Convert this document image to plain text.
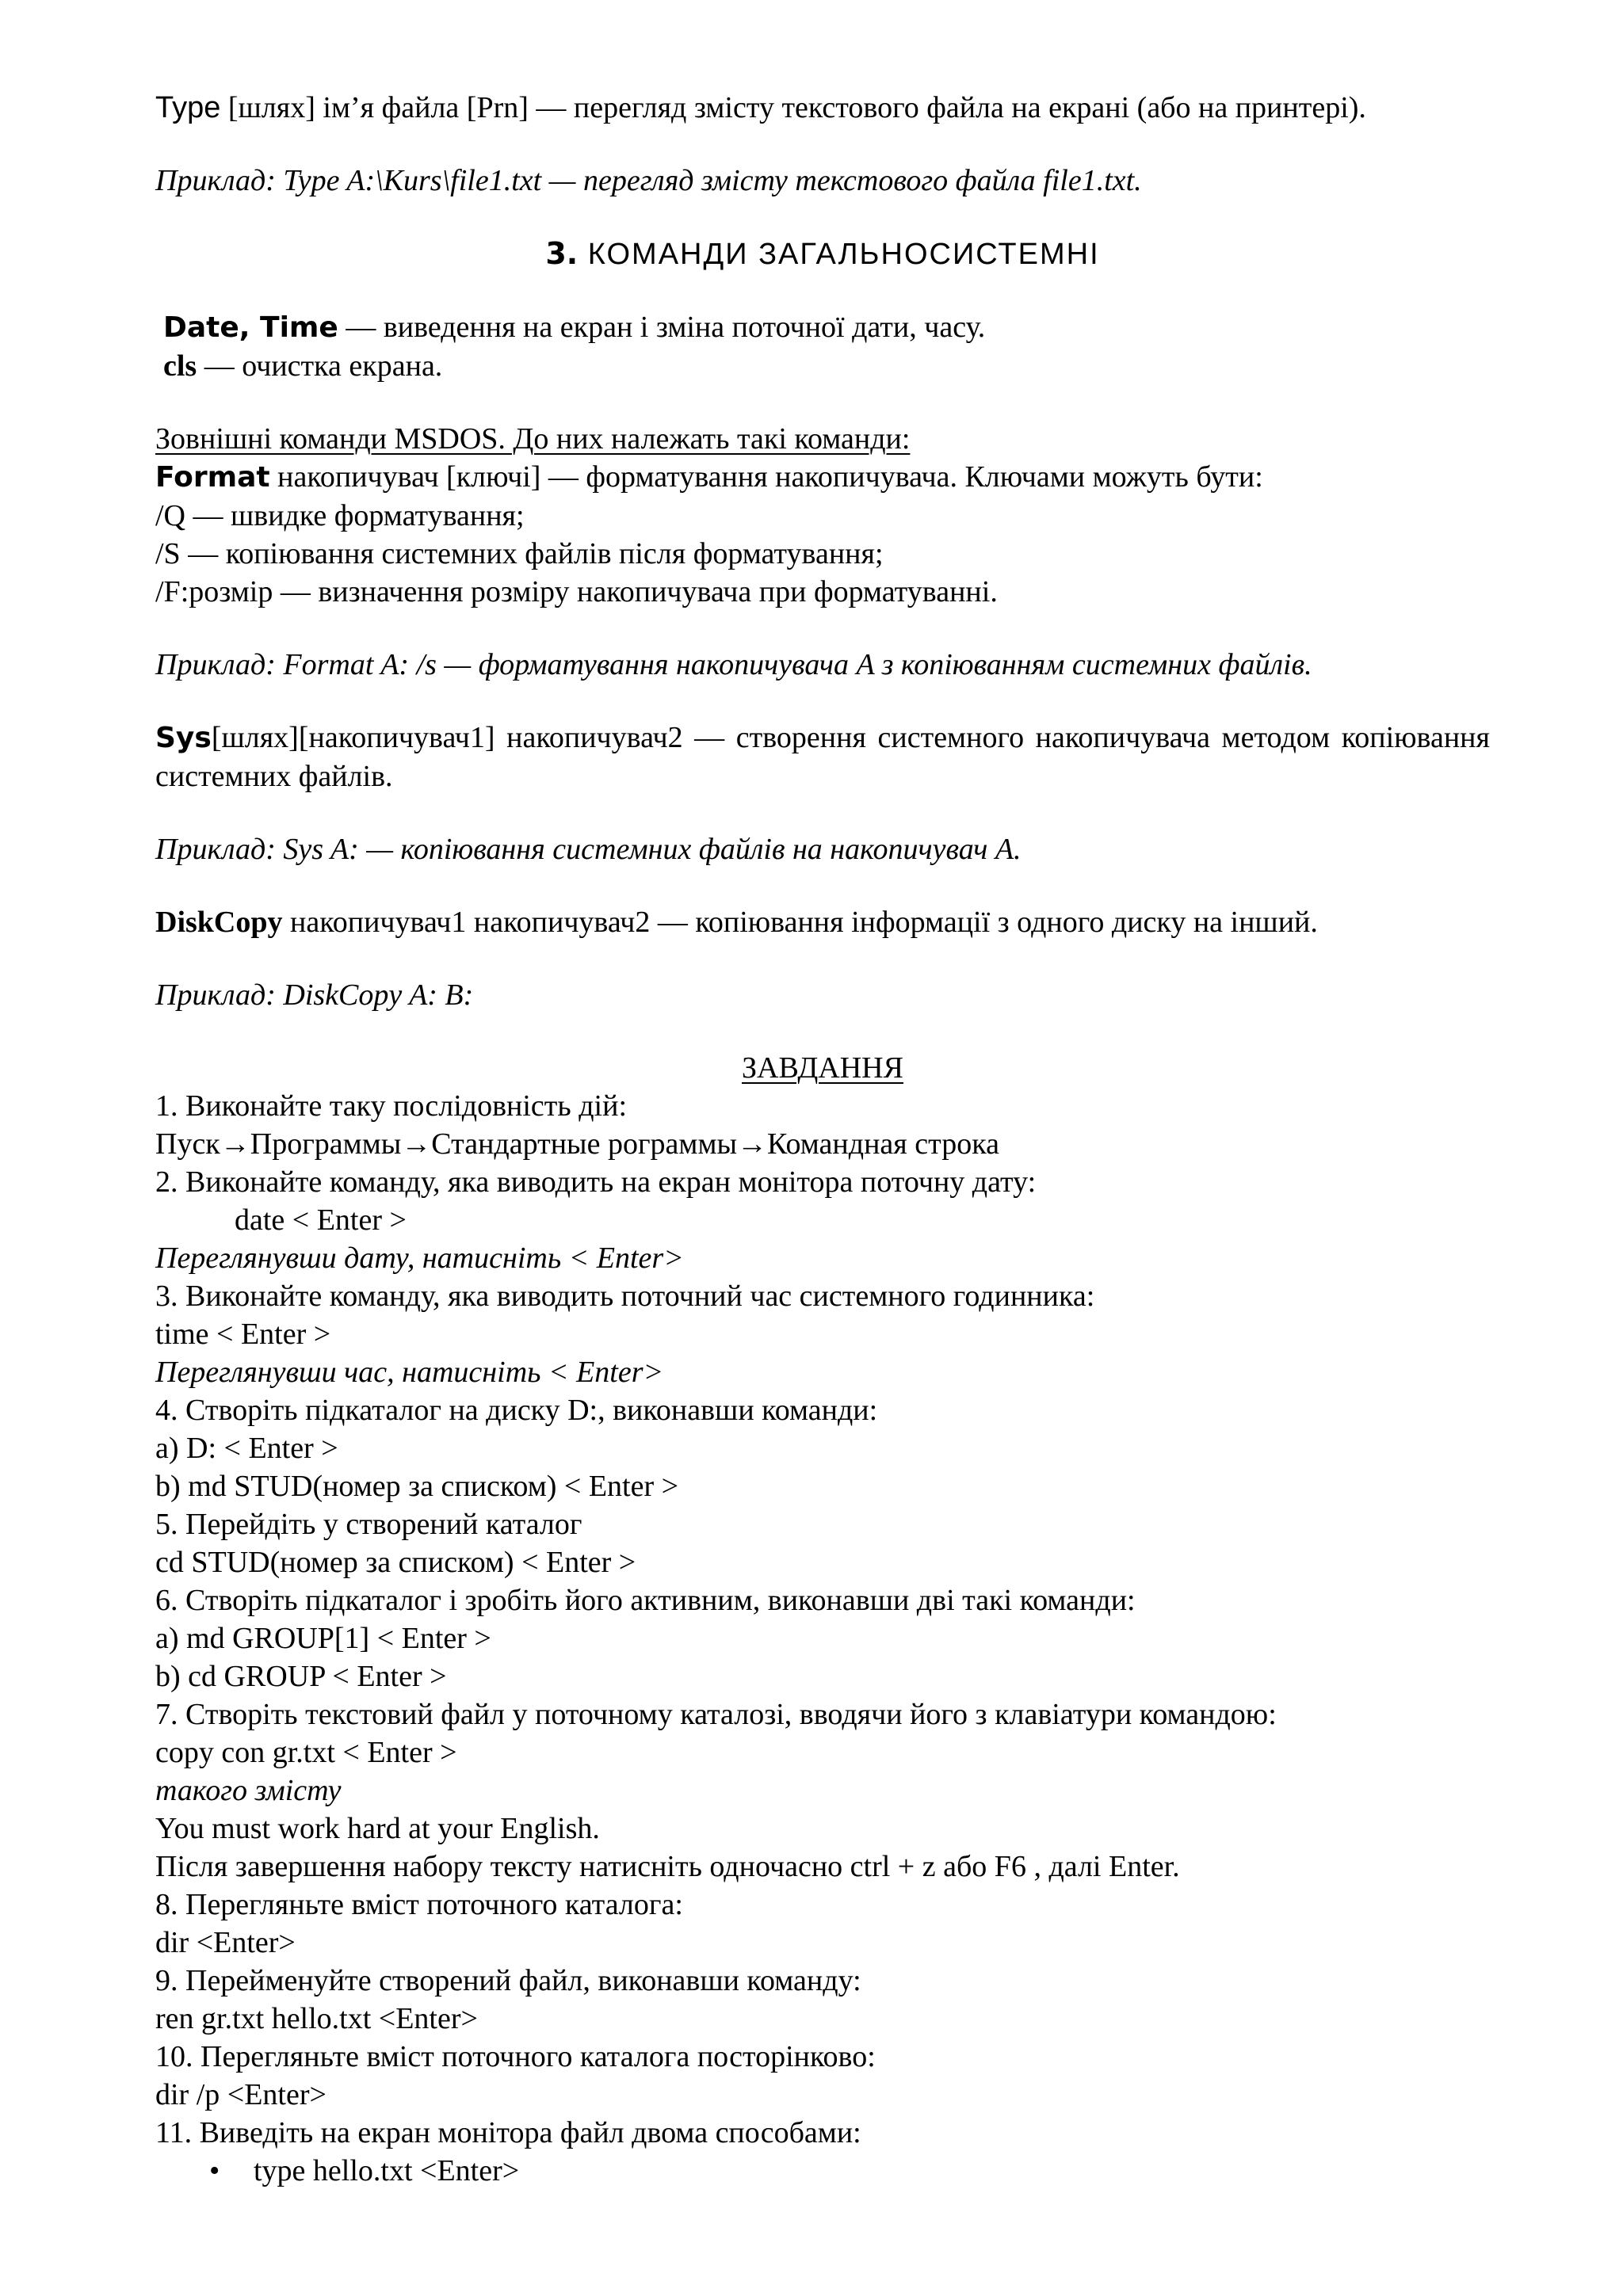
Type [шлях] ім’я файла [Prn] — перегляд змісту текстового файла на екрані (або на принтері).

Приклад: Type A:\Kurs\file1.txt — перегляд змісту текстового файла file1.txt.

3. КОМАНДИ ЗАГАЛЬНОСИСТЕМНІ

Date, Time — виведення на екран і зміна поточної дати, часу.

cls — очистка екрана.

Зовнішні команди MSDOS. До них належать такі команди:

Format накопичувач [ключі] — форматування накопичувача. Ключами можуть бути:

/Q — швидке форматування;

/S — копіювання системних файлів після форматування;

/F:розмір — визначення розміру накопичувача при форматуванні.

Приклад: Format A: /s — форматування накопичувача A з копіюванням системних файлів.

Sys[шлях][накопичувач1] накопичувач2 — створення системного накопичувача методом копіювання системних файлів.

Приклад: Sys A: — копіювання системних файлів на накопичувач A.

DiskCopy накопичувач1 накопичувач2 — копіювання інформації з одного диску на інший.

Приклад: DiskCopy A: B:

ЗАВДАННЯ

1. Виконайте таку послідовність дій:

Пуск→Программы→Стандартные рограммы→Командная строка

2. Виконайте команду, яка виводить на екран монітора поточну дату:

date < Enter >

Переглянувши дату, натисніть < Enter>

3. Виконайте команду, яка виводить поточний час системного годинника:

time < Enter >

Переглянувши час, натисніть < Enter>

4. Створіть підкаталог на диску D:, виконавши команди:

a) D: < Enter >

b) md STUD(номер за списком) < Enter >

5. Перейдіть у створений каталог

cd STUD(номер за списком) < Enter >

6. Створіть підкаталог і зробіть його активним, виконавши дві такі команди:

a) md GROUP[1] < Enter >

b) cd GROUP < Enter >

7. Створіть текстовий файл у поточному каталозі, вводячи його з клавіатури командою:

copy con gr.txt < Enter >

такого змісту

You must work hard at your English.

Після завершення набору тексту натисніть одночасно ctrl + z або F6 , далі Enter.

8. Перегляньте вміст поточного каталога:

dir <Enter>

9. Перейменуйте створений файл, виконавши команду:

ren gr.txt hello.txt <Enter>

10. Перегляньте вміст поточного каталога посторінково:

dir /p <Enter>

11. Виведіть на екран монітора файл двома способами:

• type hello.txt <Enter>
